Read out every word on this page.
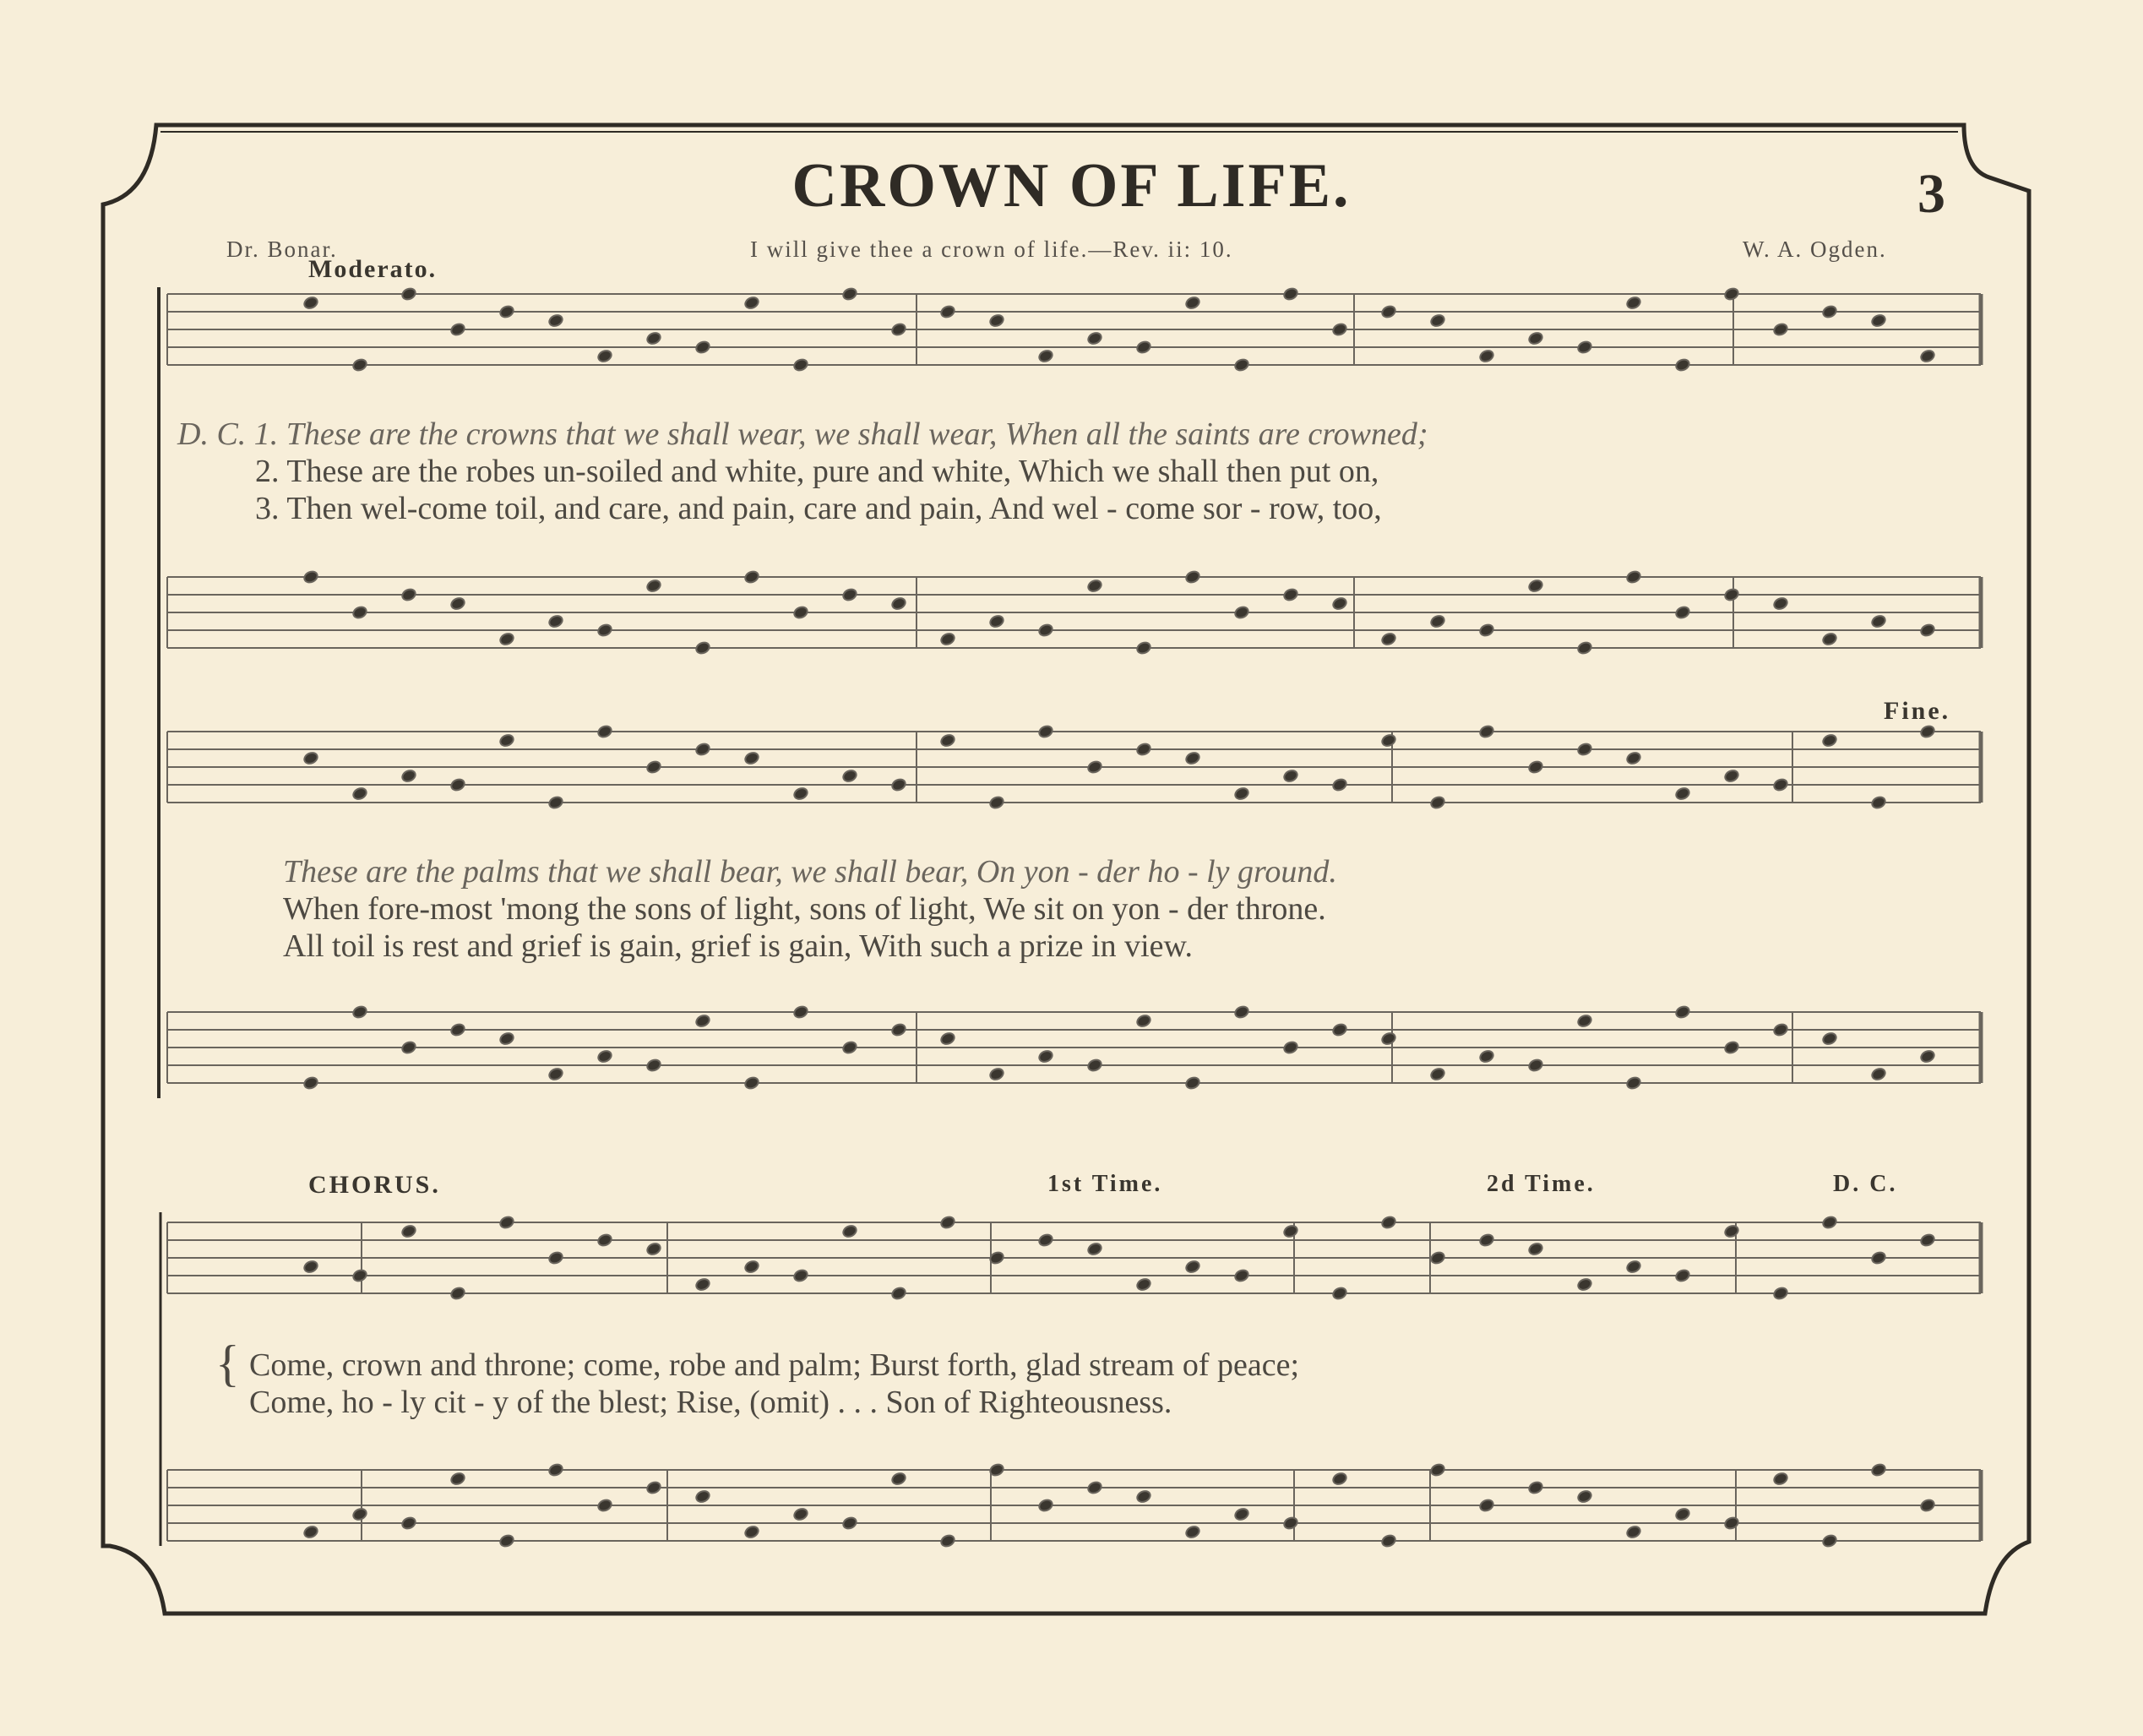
CROWN OF LIFE.	3
Dr. Bonar.	I will give thee a crown of life.—Rev. ii: 10.	W. A. Ogden.
Moderato.
D. C. 1. These are the crowns that we shall wear, we shall wear, When all the saints are crowned;
2. These are the robes un-soiled and white, pure and white, Which we shall then put on,
3. Then wel-come toil, and care, and pain, care and pain, And wel - come sor - row, too,
These are the palms that we shall bear, we shall bear, On yon - der ho - ly ground.
When fore-most 'mong the sons of light, sons of light, We sit on yon - der throne.
All toil is rest and grief is gain, grief is gain, With such a prize in view.
Fine.
CHORUS.	1st Time.	2d Time.	D. C.
{ Come, crown and throne; come, robe and palm; Burst forth, glad stream of peace;
Come, ho - ly cit - y of the blest; Rise, (omit) . . . Son of Righteousness.
